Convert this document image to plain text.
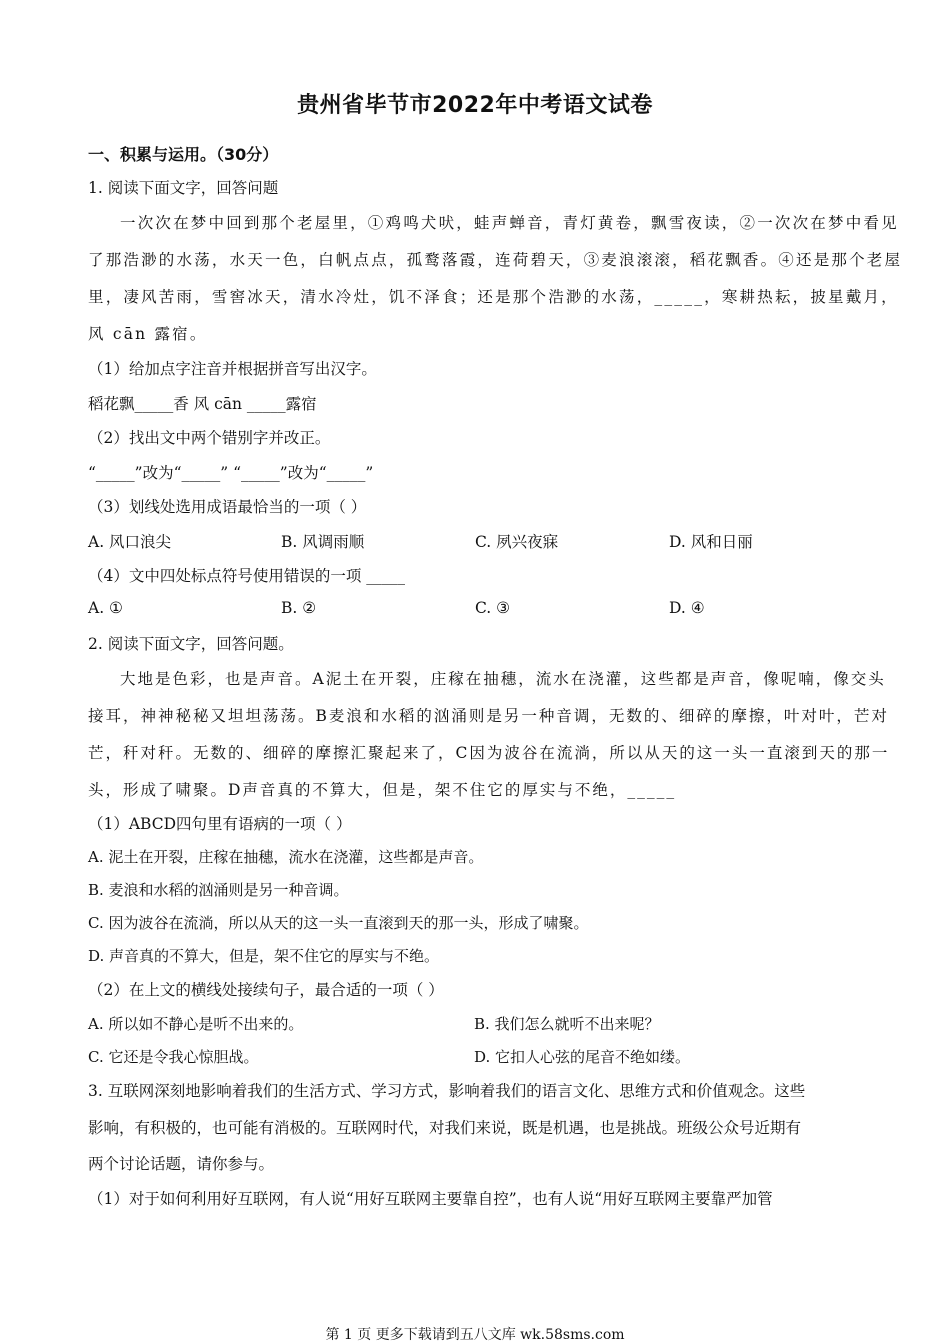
贵州省毕节市2022年中考语文试卷
一、积累与运用。（30分）
1. 阅读下面文字，回答问题
一次次在梦中回到那个老屋里，①鸡鸣犬吠，蛙声蝉音，青灯黄卷，飘雪夜读，②一次次在梦中看见
了那浩渺的水荡，水天一色，白帆点点，孤鹜落霞，连荷碧天，③麦浪滚滚，稻花飘香。④还是那个老屋
里，凄风苦雨，雪窖冰天，清水冷灶，饥不泽食；还是那个浩渺的水荡，_____，寒耕热耘，披星戴月，
风 cān 露宿。
（1）给加点字注音并根据拼音写出汉字。
稻花飘_____香 风 cān _____露宿
（2）找出文中两个错别字并改正。
“_____”改为“_____” “_____”改为“_____”
（3）划线处选用成语最恰当的一项（ ）
A. 风口浪尖	B. 风调雨顺	C. 夙兴夜寐	D. 风和日丽
（4）文中四处标点符号使用错误的一项 _____
A. ①	B. ②	C. ③	D. ④
2. 阅读下面文字，回答问题。
大地是色彩，也是声音。A泥土在开裂，庄稼在抽穗，流水在浇灌，这些都是声音，像呢喃，像交头
接耳，神神秘秘又坦坦荡荡。B麦浪和水稻的汹涌则是另一种音调，无数的、细碎的摩擦，叶对叶，芒对
芒，秆对秆。无数的、细碎的摩擦汇聚起来了，C因为波谷在流淌，所以从天的这一头一直滚到天的那一
头，形成了啸聚。D声音真的不算大，但是，架不住它的厚实与不绝，_____
（1）ABCD四句里有语病的一项（ ）
A. 泥土在开裂，庄稼在抽穗，流水在浇灌，这些都是声音。
B. 麦浪和水稻的汹涌则是另一种音调。
C. 因为波谷在流淌，所以从天的这一头一直滚到天的那一头，形成了啸聚。
D. 声音真的不算大，但是，架不住它的厚实与不绝。
（2）在上文的横线处接续句子，最合适的一项（ ）
A. 所以如不静心是听不出来的。	B. 我们怎么就听不出来呢？
C. 它还是令我心惊胆战。	D. 它扣人心弦的尾音不绝如缕。
3. 互联网深刻地影响着我们的生活方式、学习方式，影响着我们的语言文化、思维方式和价值观念。这些
影响，有积极的，也可能有消极的。互联网时代，对我们来说，既是机遇，也是挑战。班级公众号近期有
两个讨论话题，请你参与。
（1）对于如何利用好互联网，有人说“用好互联网主要靠自控”，也有人说“用好互联网主要靠严加管
第 1 页 更多下载请到五八文库 wk.58sms.com
